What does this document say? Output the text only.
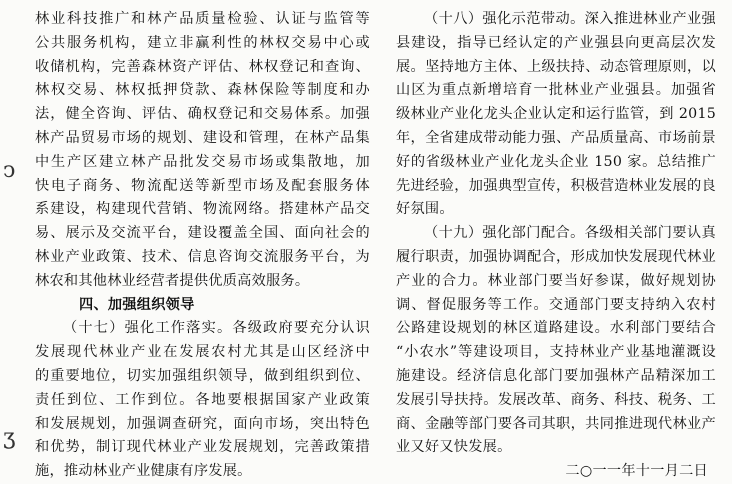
ↄ
ʒ
林业科技推广和林产品质量检验、认证与监管等
公共服务机构，建立非赢利性的林权交易中心或
收储机构，完善森林资产评估、林权登记和查询、
林权交易、林权抵押贷款、森林保险等制度和办
法，健全咨询、评估、确权登记和交易体系。加强
林产品贸易市场的规划、建设和管理，在林产品集
中生产区建立林产品批发交易市场或集散地，加
快电子商务、物流配送等新型市场及配套服务体
系建设，构建现代营销、物流网络。搭建林产品交
易、展示及交流平台，建设覆盖全国、面向社会的
林业产业政策、技术、信息咨询交流服务平台，为
林农和其他林业经营者提供优质高效服务。
四、加强组织领导
（十七）强化工作落实。各级政府要充分认识
发展现代林业产业在发展农村尤其是山区经济中
的重要地位，切实加强组织领导，做到组织到位、
责任到位、工作到位。各地要根据国家产业政策
和发展规划，加强调查研究，面向市场，突出特色
和优势，制订现代林业产业发展规划，完善政策措
施，推动林业产业健康有序发展。
（十八）强化示范带动。深入推进林业产业强
县建设，指导已经认定的产业强县向更高层次发
展。坚持地方主体、上级扶持、动态管理原则，以
山区为重点新增培育一批林业产业强县。加强省
级林业产业化龙头企业认定和运行监管，到 2015
年，全省建成带动能力强、产品质量高、市场前景
好的省级林业产业化龙头企业 150 家。总结推广
先进经验，加强典型宣传，积极营造林业发展的良
好氛围。
（十九）强化部门配合。各级相关部门要认真
履行职责，加强协调配合，形成加快发展现代林业
产业的合力。林业部门要当好参谋，做好规划协
调、督促服务等工作。交通部门要支持纳入农村
公路建设规划的林区道路建设。水利部门要结合
“小农水”等建设项目，支持林业产业基地灌溉设
施建设。经济信息化部门要加强林产品精深加工
发展引导扶持。发展改革、商务、科技、税务、工
商、金融等部门要各司其职，共同推进现代林业产
业又好又快发展。
二○一一年十一月二日
